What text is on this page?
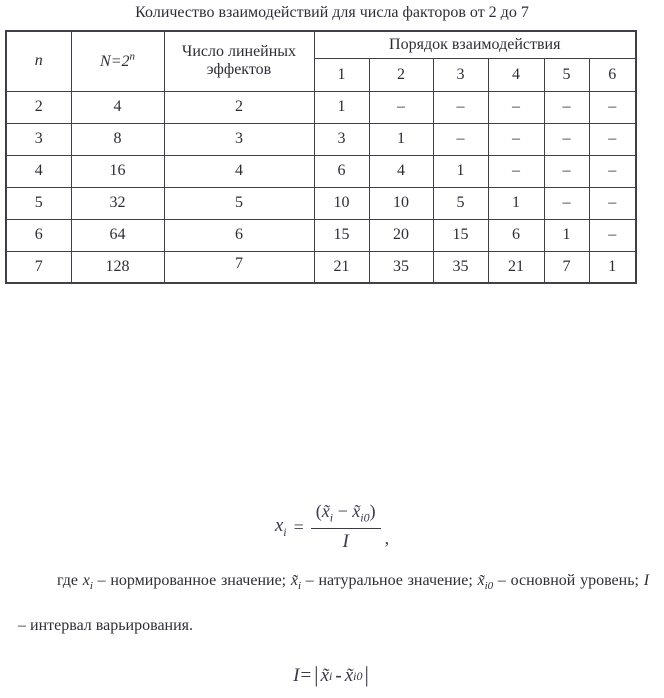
Количество взаимодействий для числа факторов от 2 до 7
n	$N=2^n$	Число линейных эффектов	Порядок взаимодействия					
			1	2	3	4	5	6
2	4	2	1	–	–	–	–	–
3	8	3	3	1	–	–	–	–
4	16	4	6	4	1	–	–	–
5	32	5	10	10	5	1	–	–
6	64	6	15	20	15	6	1	–
7	128	7	21	35	35	21	7	1
$x_i = \frac{(x̃_i - x̃_{i0})}{I}$ ,

где $x_i$ – нормированное значение; $x̃_i$ – натуральное значение; $x̃_{i0}$ – основной уровень; I – интервал варьирования.

I = | x̃ i - x̃ i0 |
